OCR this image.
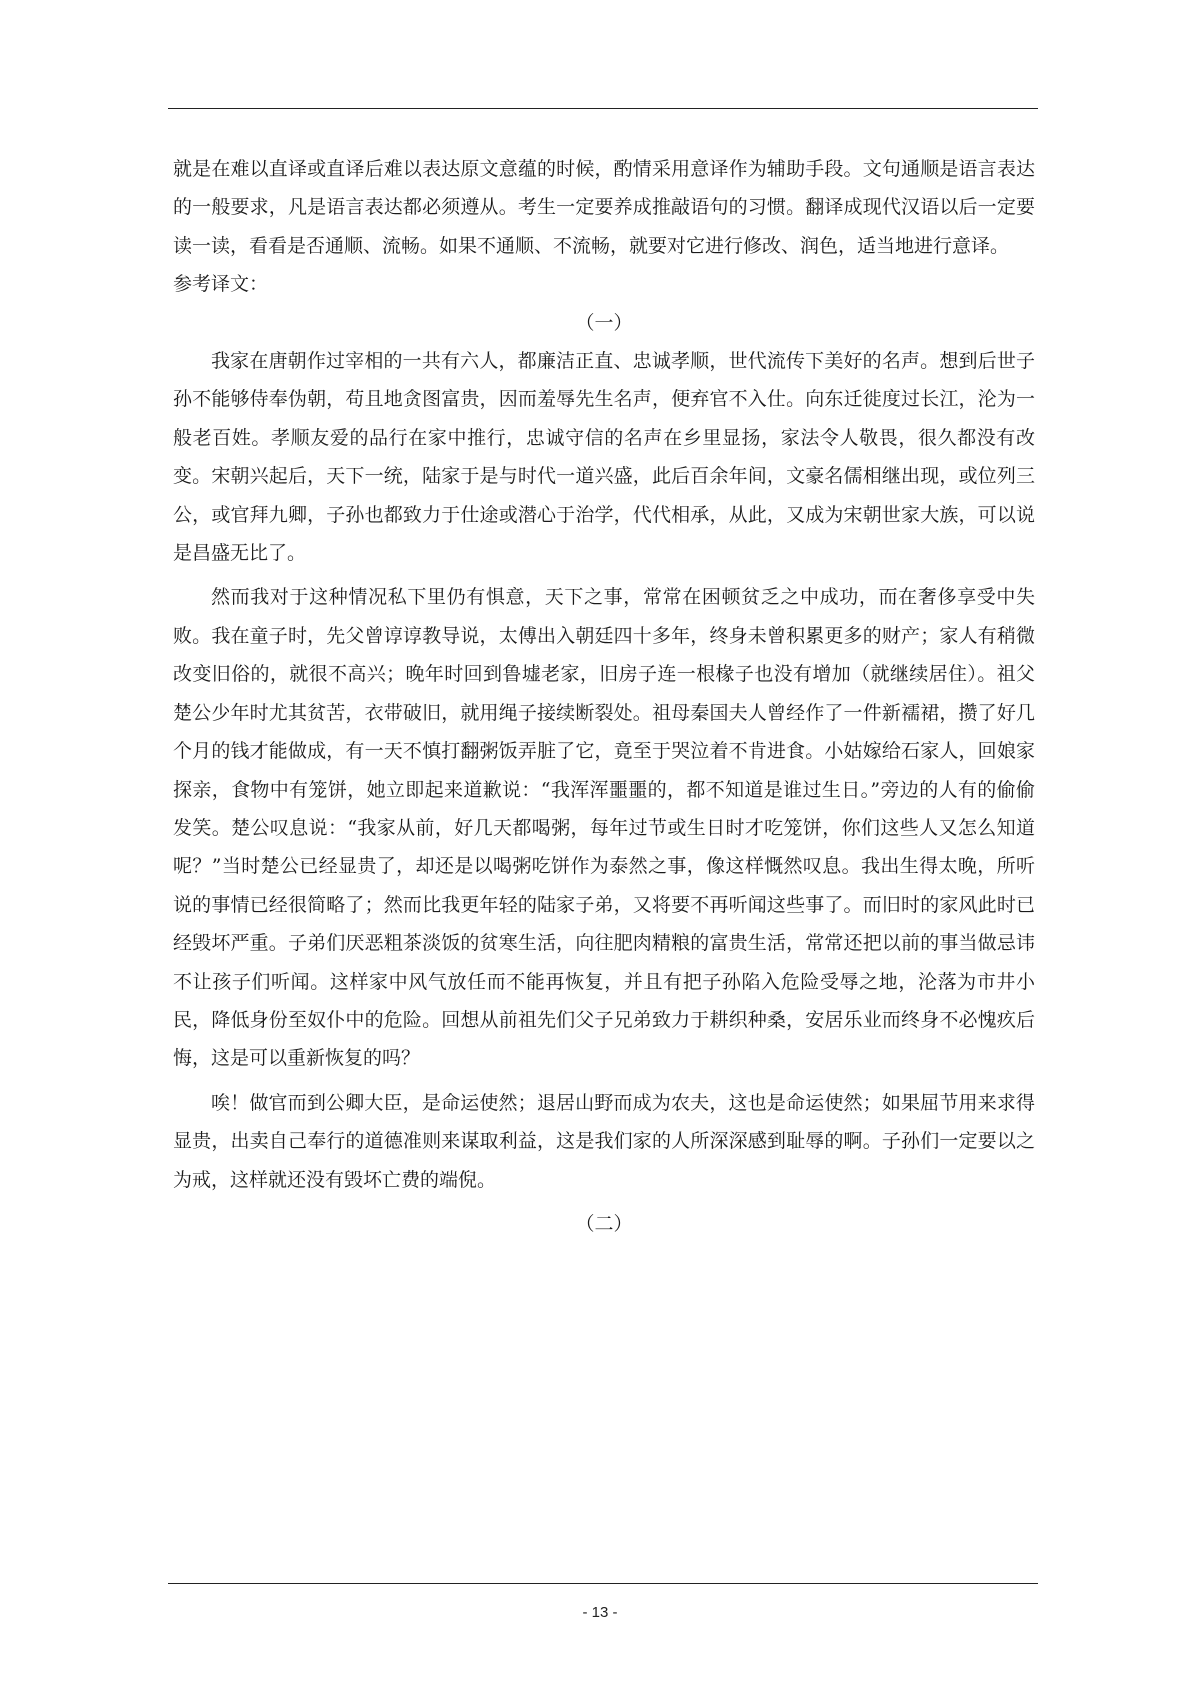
就是在难以直译或直译后难以表达原文意蕴的时候，酌情采用意译作为辅助手段。文句通顺是语言表达的一般要求，凡是语言表达都必须遵从。考生一定要养成推敲语句的习惯。翻译成现代汉语以后一定要读一读，看看是否通顺、流畅。如果不通顺、不流畅，就要对它进行修改、润色，适当地进行意译。

参考译文：

（一）

我家在唐朝作过宰相的一共有六人，都廉洁正直、忠诚孝顺，世代流传下美好的名声。想到后世子孙不能够侍奉伪朝，苟且地贪图富贵，因而羞辱先生名声，便弃官不入仕。向东迁徙度过长江，沦为一般老百姓。孝顺友爱的品行在家中推行，忠诚守信的名声在乡里显扬，家法令人敬畏，很久都没有改变。宋朝兴起后，天下一统，陆家于是与时代一道兴盛，此后百余年间，文豪名儒相继出现，或位列三公，或官拜九卿，子孙也都致力于仕途或潜心于治学，代代相承，从此，又成为宋朝世家大族，可以说是昌盛无比了。

然而我对于这种情况私下里仍有惧意，天下之事，常常在困顿贫乏之中成功，而在奢侈享受中失败。我在童子时，先父曾谆谆教导说，太傅出入朝廷四十多年，终身未曾积累更多的财产；家人有稍微改变旧俗的，就很不高兴；晚年时回到鲁墟老家，旧房子连一根椽子也没有增加（就继续居住）。祖父楚公少年时尤其贫苦，衣带破旧，就用绳子接续断裂处。祖母秦国夫人曾经作了一件新襦裙，攒了好几个月的钱才能做成，有一天不慎打翻粥饭弄脏了它，竟至于哭泣着不肯进食。小姑嫁给石家人，回娘家探亲，食物中有笼饼，她立即起来道歉说：“我浑浑噩噩的，都不知道是谁过生日。”旁边的人有的偷偷发笑。楚公叹息说：“我家从前，好几天都喝粥，每年过节或生日时才吃笼饼，你们这些人又怎么知道呢？”当时楚公已经显贵了，却还是以喝粥吃饼作为泰然之事，像这样慨然叹息。我出生得太晚，所听说的事情已经很简略了；然而比我更年轻的陆家子弟，又将要不再听闻这些事了。而旧时的家风此时已经毁坏严重。子弟们厌恶粗茶淡饭的贫寒生活，向往肥肉精粮的富贵生活，常常还把以前的事当做忌讳不让孩子们听闻。这样家中风气放任而不能再恢复，并且有把子孙陷入危险受辱之地，沦落为市井小民，降低身份至奴仆中的危险。回想从前祖先们父子兄弟致力于耕织种桑，安居乐业而终身不必愧疚后悔，这是可以重新恢复的吗？

唉！做官而到公卿大臣，是命运使然；退居山野而成为农夫，这也是命运使然；如果屈节用来求得显贵，出卖自己奉行的道德准则来谋取利益，这是我们家的人所深深感到耻辱的啊。子孙们一定要以之为戒，这样就还没有毁坏亡费的端倪。

（二）

- 13 -
